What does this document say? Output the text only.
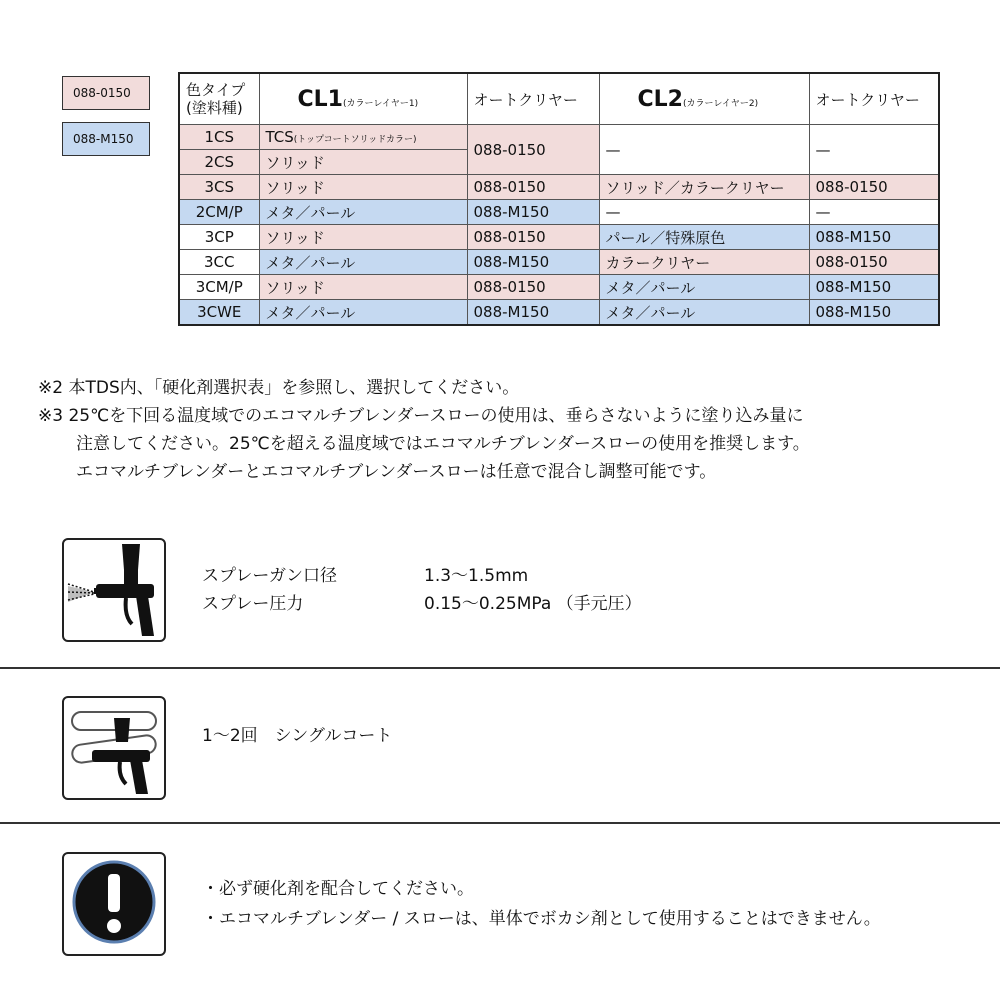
088-0150
088-M150
色タイプ
(塗料種)	CL1(カラーレイヤー1)	オートクリヤー	CL2(カラーレイヤー2)	オートクリヤー
1CS	TCS(トップコートソリッドカラー)	088-0150	—	—
2CS	ソリッド			
3CS	ソリッド	088-0150	ソリッド／カラークリヤー	088-0150
2CM/P	メタ／パール	088-M150	—	—
3CP	ソリッド	088-0150	パール／特殊原色	088-M150
3CC	メタ／パール	088-M150	カラークリヤー	088-0150
3CM/P	ソリッド	088-0150	メタ／パール	088-M150
3CWE	メタ／パール	088-M150	メタ／パール	088-M150
※2 本TDS内、「硬化剤選択表」を参照し、選択してください。
※3 25℃を下回る温度域でのエコマルチブレンダースローの使用は、垂らさないように塗り込み量に
注意してください。25℃を超える温度域ではエコマルチブレンダースローの使用を推奨します。
エコマルチブレンダーとエコマルチブレンダースローは任意で混合し調整可能です。
スプレーガン口径	1.3〜1.5mm
スプレー圧力	0.15〜0.25MPa （手元圧）
1〜2回　シングルコート
・必ず硬化剤を配合してください。
・エコマルチブレンダー / スローは、単体でボカシ剤として使用することはできません。
